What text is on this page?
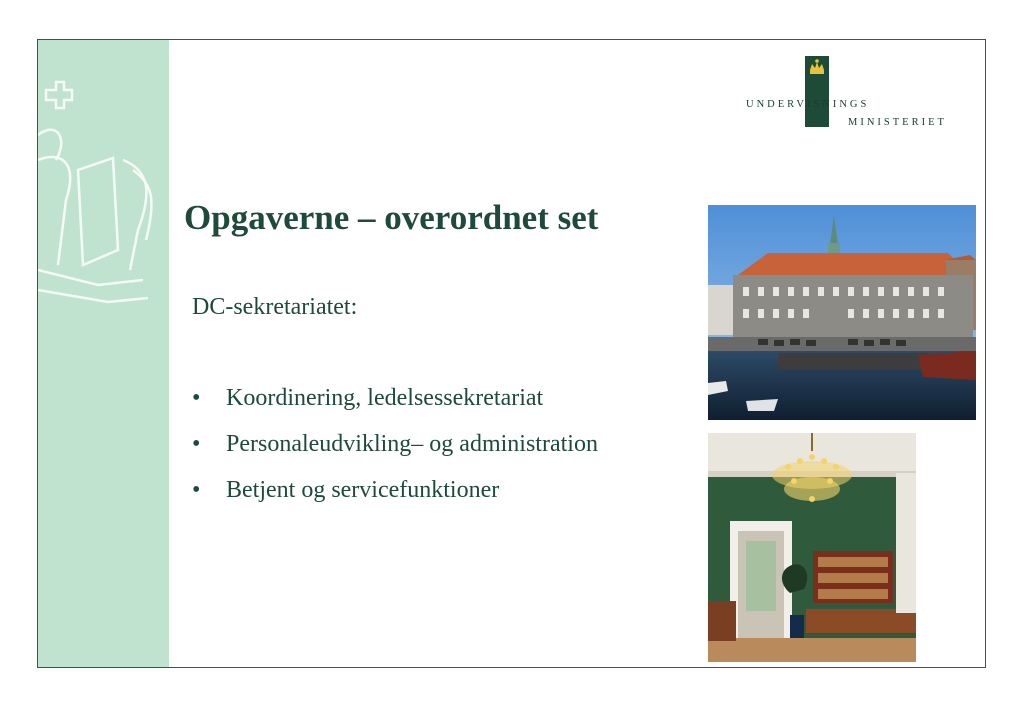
UNDERVISNINGS
MINISTERIET
Opgaverne – overordnet set
DC-sekretariatet:
• Koordinering, ledelsessekretariat
• Personaleudvikling– og administration
• Betjent og servicefunktioner
